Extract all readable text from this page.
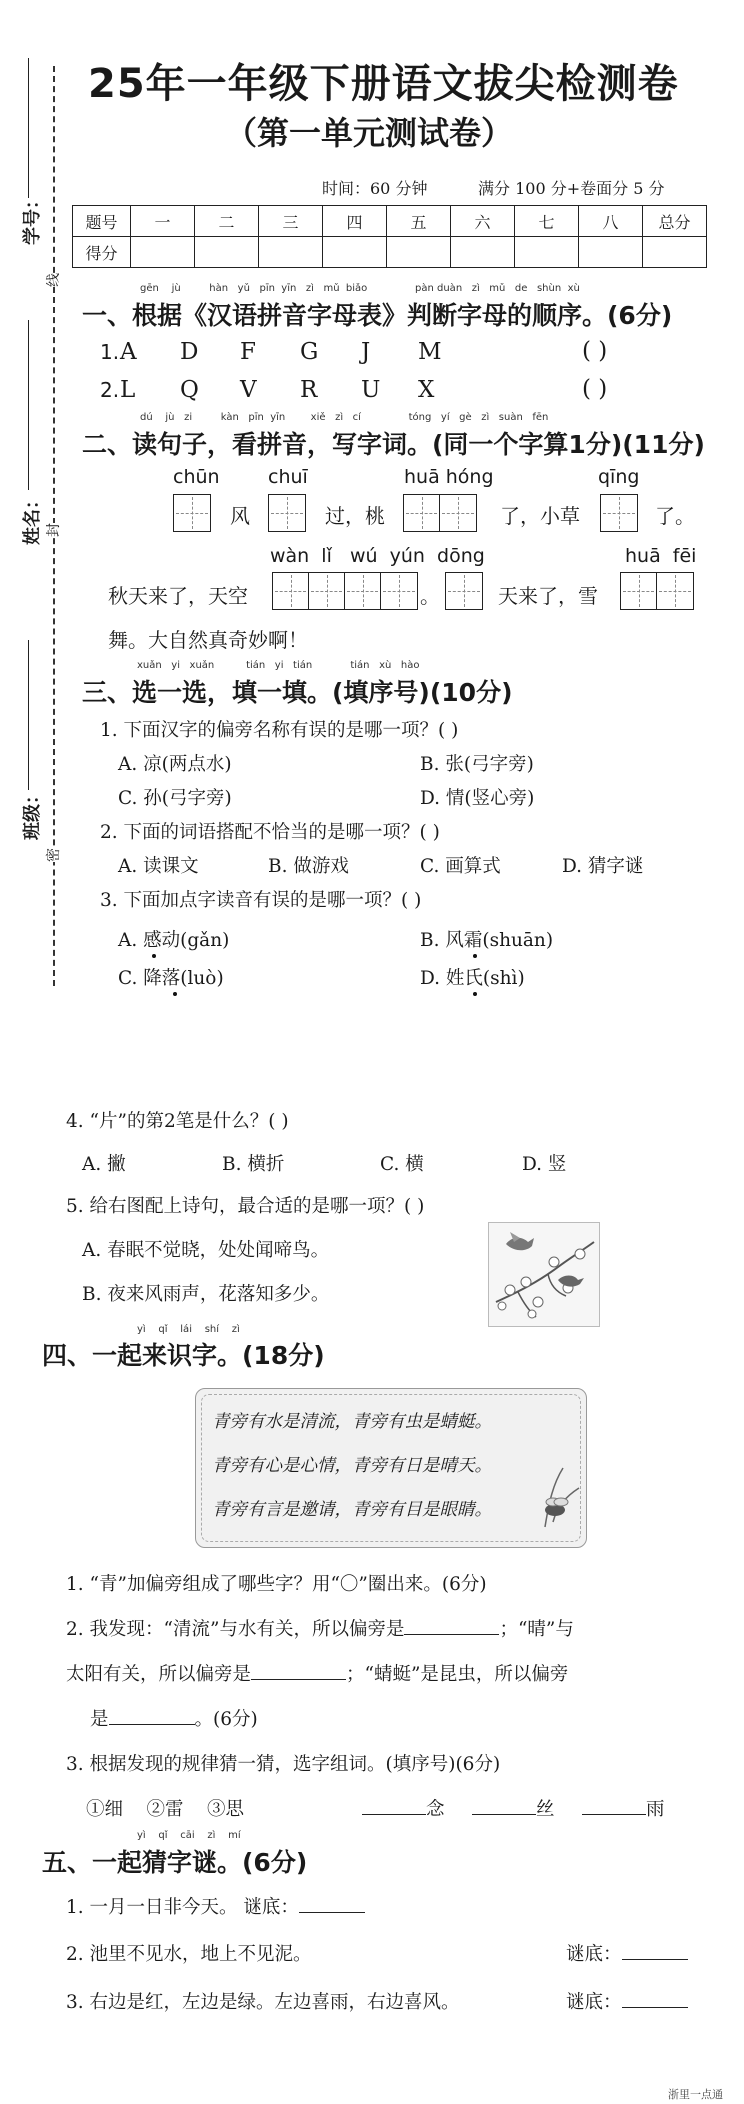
学号：
姓名：
班级：
线
封
密
25年一年级下册语文拔尖检测卷
（第一单元测试卷）
时间：60 分钟	满分 100 分+卷面分 5 分
题号	一	二	三	四	五	六	七	八	总分
得分									
gēn jù	hàn yǔ pīn yīn zì mǔ biǎo	pàn duàn zì mǔ de shùn xù
一、根据《汉语拼音字母表》判断字母的顺序。(6分)
1. A D F G J M	( )
2. L Q V R U X	( )
dú jù zi	kàn pīn yīn	xiě zì cí	tóng yí gè zì suàn fēn
二、读句子，看拼音，写字词。(同一个字算1分)(11分)
chūn	chuī	huā hóng	qīng
风	过，桃	了，小草	了。
wàn  lǐ   wú  yún  dōng	huā  fēi
秋天来了，天空	。	天来了，雪
舞。大自然真奇妙啊！
xuǎn yi xuǎn	tián yi tián	tián xù hào
三、选一选，填一填。(填序号)(10分)
1. 下面汉字的偏旁名称有误的是哪一项？( )
A. 凉(两点水)	B. 张(弓字旁)
C. 孙(弓字旁)	D. 情(竖心旁)
2. 下面的词语搭配不恰当的是哪一项？( )
A. 读课文	B. 做游戏	C. 画算式	D. 猜字谜
3. 下面加点字读音有误的是哪一项？( )
A. 感动(gǎn)	B. 风霜(shuān)
C. 降落(luò)	D. 姓氏(shì)
4. “片”的第2笔是什么？( )
A. 撇	B. 横折	C. 横	D. 竖
5. 给右图配上诗句，最合适的是哪一项？( )
A. 春眠不觉晓，处处闻啼鸟。
B. 夜来风雨声，花落知多少。
yì qǐ lái shí zì
四、一起来识字。(18分)
青旁有水是清流，青旁有虫是蜻蜓。
青旁有心是心情，青旁有日是晴天。
青旁有言是邀请，青旁有目是眼睛。
1. “青”加偏旁组成了哪些字？用“〇”圈出来。(6分)
2. 我发现：“清流”与水有关，所以偏旁是	；“晴”与
太阳有关，所以偏旁是	；“蜻蜓”是昆虫，所以偏旁
是	。(6分)
3. 根据发现的规律猜一猜，选字组词。(填序号)(6分)
①细    ②雷    ③思	念	丝	雨
yì qǐ cāi zì mí
五、一起猜字谜。(6分)
1. 一月一日非今天。 谜底：
2. 池里不见水，地上不见泥。	谜底：
3. 右边是红，左边是绿。左边喜雨，右边喜风。	谜底：
浙里一点通
